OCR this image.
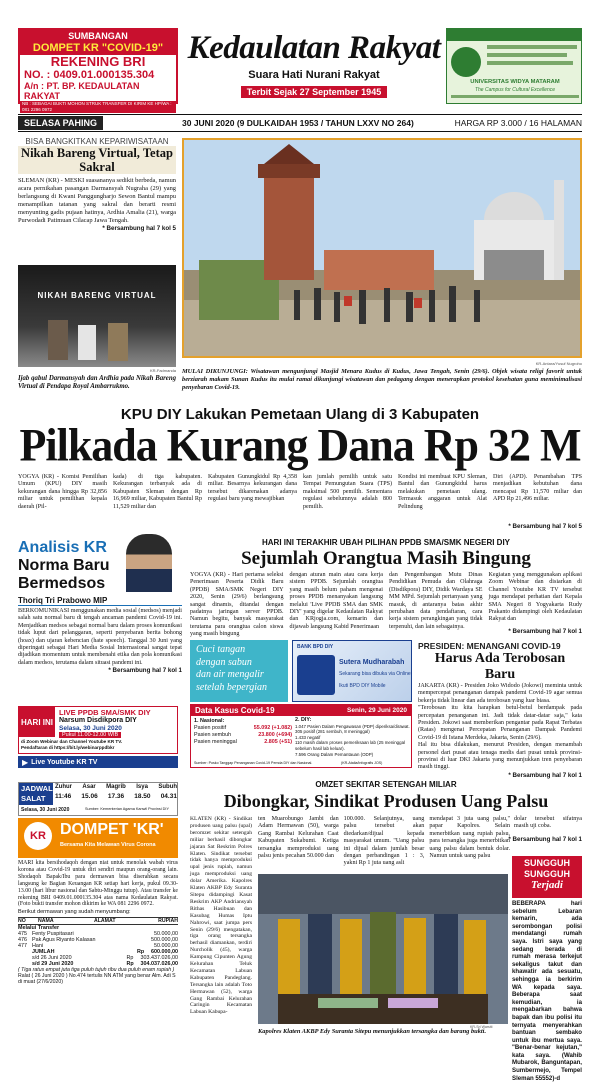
SUMBANGAN
DOMPET KR "COVID-19"
REKENING BRI
NO. : 0409.01.000135.304
A/n : PT. BP. KEDAULATAN RAKYAT
NB : SEBAGAI BUKTI MOHON STRUK TRANSFER DI KIRIM KE HP/WA : 081 2296 0972
Kedaulatan Rakyat
Suara Hati Nurani Rakyat
Terbit Sejak 27 September 1945
UNIVERSITAS WIDYA MATARAM
The Campus for Cultural Excellence
SELASA PAHING	30 JUNI 2020 (9 DULKAIDAH 1953 / TAHUN LXXV NO 264)	HARGA RP 3.000 / 16 HALAMAN
BISA BANGKITKAN KEPARIWISATAAN
Nikah Bareng Virtual, Tetap Sakral

SLEMAN (KR) - MESKI suasananya sedikit berbeda, namun acara pernikahan pasangan Darmansyah Nugraha (29) yang berlangsung di Kwani Panggungharjo Sewon Bantul mampu menampilkan tatanan yang sakral dan berarti resmi menyunting gadis pujaan hatinya, Ardhia Amalia (21), warga Purwodadi Patimuan Cilacap Jawa Tengah.

* Bersambung hal 7 kol 5
NIKAH BARENG VIRTUAL
KR-Fadmanda
Ijab qabul Darmansyah dan Ardhia pada Nikah Bareng Virtual di Pendapa Royal Ambarrukmo.
KR-Antara/Yusuf Nugroho
MULAI DIKUNJUNGI: Wisatawan mengunjungi Masjid Menara Kudus di Kudus, Jawa Tengah, Senin (29/6). Objek wisata religi favorit untuk berziarah makam Sunan Kudus itu mulai ramai dikunjungi wisatawan dan pedagang dengan menerapkan protokol kesehatan guna meminimalisasi penyebaran Covid-19.
KPU DIY Lakukan Pemetaan Ulang di 3 Kabupaten
Pilkada Kurang Dana Rp 32 M

YOGYA (KR) - Komisi Pemilihan Umum (KPU) DIY masih kekurangan dana hingga Rp 32,856 miliar untuk pemilihan kepala daerah (Pil-

kada) di tiga kabupaten. Kekurangan terbanyak ada di Kabupaten Sleman dengan Rp 16,969 miliar, Kabupaten Bantul Rp 11,529 miliar dan

Kabupaten Gunungkidul Rp 4,358 miliar. Besarnya kekurangan dana tersebut dikarenakan adanya regulasi baru yang mewajibkan

kan jumlah pemilih untuk satu Tempat Pemungutan Suara (TPS) maksimal 500 pemilih. Sementara regulasi sebelumnya adalah 800 pemilih.

Kondisi ini membuat KPU Sleman, Bantul dan Gunungkidul harus melakukan pemetaan ulang. Termasuk anggaran untuk Alat Pelindung

Diri (APD). Penambahan TPS menjadikan kebutuhan dana mencapai Rp 11,570 miliar dan APD Rp 21,496 miliar.

* Bersambung hal 7 kol 5
Analisis KR
Norma Baru
Bermedsos
Thoriq Tri Prabowo MIP

BERKOMUNIKASI menggunakan media sosial (medsos) menjadi salah satu normal baru di tengah ancaman pandemi Covid-19 ini. Menjadikan medsos sebagai normal baru dalam proses komunikasi tidak luput dari pelanggaran, seperti penyebaran berita bohong (hoax) dan ujaran kebencian (hate speech). Tanggal 30 Juni yang diperingati sebagai Hari Media Sosial Internasional sangat tepat dijadikan momentum untuk membenahi etika dan pola komunikasi dalam medsos, terutama dalam situasi pandemi ini.

* Bersambung hal 7 kol 1
HARI INI
LIVE PPDB SMA/SMK DIY
Narsum Disdikpora DIY
Selasa, 30 Juni 2020
Pukul 11.00-12.00 WIB
di Zoom Webinar dan Channel Youtube KR TV.
Pendaftaran di https://bit.ly/webinarppdbkr
▶ Live Youtube KR TV
JADWAL
SALAT
Zuhur Asar Magrib Isya Subuh
11:46 15.06 17.36 18.50 04.31
Selasa, 30 Juni 2020	Sumber: Kementerian Agama Kanwil Provinsi DIY
KR DOMPET 'KR'
Bersama Kita Melawan Virus Corona

MARI kita bersihodaqoh dengan niat untuk menolak wabah virus korona atau Covid-19 untuk diri sendiri maupun orang-orang lain. Shodaqoh Bapak/Ibu para dermawan bisa diserahkan secara langsung ke Bagian Keuangan KR setiap hari kerja, pukul 09.30-13.00 (hari libur nasional dan Sabtu-Minggu tutup). Atau transfer ke rekening BRI 0409.01.000135.304 atas nama Kedaulatan Rakyat. (Foto bukti transfer mohon dikirim ke WA 081 2296 0972.

Berikut dermawan yang sudah menyumbang:
NO	NAMA	ALAMAT	RUPIAH
Melalui Transfer
475 Fenty Puspitasari	50.000,00
476 Pak Agus Riyanto Kalasan	500.000,00
477 Hani	50.000,00
JUMLAH	Rp	600.000,00
s/d 26 Juni 2020	Rp	303.437.026,00
s/d 29 Juni 2020	Rp	304.037.026,00
( Tiga ratus empat juta tiga puluh tujuh ribu dua puluh enam rupiah )
Ralat ( 26 Juni 2020 ) No.474 tertulis NN ATM yang benar Alm. Adi S di muat (27/6/2020)
HARI INI TERAKHIR UBAH PILIHAN PPDB SMA/SMK NEGERI DIY
Sejumlah Orangtua Masih Bingung

YOGYA (KR) - Hari pertama seleksi Penerimaan Peserta Didik Baru (PPDB) SMA/SMK Negeri DIY 2020, Senin (29/6) berlangsung sangat dinamis, ditandai dengan padatnya jaringan server PPDB. Namun begitu, banyak masyarakat terutama para orangtua calon siswa yang masih bingung

dengan aturan main atau cara kerja sistem PPDB. Sejumlah orangtua yang masih belum paham mengenai proses PPDB menanyakan langsung melalui 'Live PPDB SMA dan SMK DIY' yang digelar Kedaulatan Rakyat dan KRjogja.com, kemarin dan dijawab langsung Kabid Penerimaan

dan Pengembangan Mutu Dinas Pendidikan Pemuda dan Olahraga (Disdikpora) DIY, Didik Wardaya SE MM MPd. Sejumlah pertanyaan yang masuk, di antaranya batas akhir perubahan data pendaftaran, cara kerja sistem perangkingan yang tidak terpenuhi, dan lain sebagainya.

Kegiatan yang menggunakan aplikasi Zoom Webinar dan disiarkan di Channel Youtube KR TV tersebut juga mendapat perhatian dari Kepala SMA Negeri 8 Yogyakarta Rudy Prakanto didampingi oleh Kedaulatan Rakyat dan

* Bersambung hal 7 kol 1
Cuci tangan
dengan sabun
dan air mengalir
setelah bepergian
BANK BPD DIY
Sutera Mudharabah
Sekarang bisa dibuka via Online
Ikuti BPD DIY Mobile
Data Kasus Covid-19	Senin, 29 Juni 2020
1. Nasional:
Pasien positif	55.092 (+1.082)
Pasien sembuh	23.800 (+694)
Pasien meninggal	2.805 (+51)
2. DIY:
1.047 Pasien Dalam Pengawasan (PDP) diperiksa/dirawat.
305 positif (281 sembuh, 8 meninggal)
1.433 negatif
110 masih dalam proses pemeriksaan lab (25 meninggal sebelum hasil lab keluar).
7.596 Orang Dalam Pemantauan (ODP)
Sumber: Posko Tanggap Penanganan Covid-19 Pemda DIY dan Nasional.	(KR-Atalia/Infografis JOS)
PRESIDEN: MENANGANI COVID-19
Harus Ada Terobosan Baru

JAKARTA (KR) - Presiden Joko Widodo (Jokowi) meminta untuk mempercepat penanganan dampak pandemi Covid-19 agar semua bekerja tidak linear dan ada terobosan yang luar biasa.

"Terobosan itu kita harapkan betul-betul berdampak pada percepatan penanganan ini. Jadi tidak datar-datar saja," kata Presiden. Jokowi saat memberikan pengantar pada Rapat Terbatas (Ratas) mengenai Percepatan Penanganan Dampak Pandemi Covid-19 di Istana Merdeka, Jakarta, Senin (29/6).

Hal itu bisa dilakukan, menurut Presiden, dengan menambah personel dari pusat atau tenaga medis dari pusat untuk provinsi-provinsi di luar DKI Jakarta yang menunjukkan tren penyebaran masih tinggi.

* Bersambung hal 7 kol 1
OMZET SEKITAR SETENGAH MILIAR
Dibongkar, Sindikat Produsen Uang Palsu

KLATEN (KR) - Sindikat produsen uang palsu (upal) beromzet sekitar setengah miliar berhasil dibongkar jajaran Sat Reskrim Polres Klaten. Sindikat tersebut tidak hanya memproduksi upal jenis rupiah, namun juga memproduksi uang dolar Amerika. Kapolres Klaten AKBP Edy Suranta Sitepu didampingi Kasat Reskrim AKP Andriansyah Rithas Hasibuan dan Kasubag Humas Iptu Nahrowi, saat jumpa pers Senin (29/6) mengatakan, tiga orang tersangka berhasil diamankan, terdiri Nurcholik (45), warga Kampung Cipunten Agung Kelurahan Teluk Kecamatan Labuan Kabupaten Pandeglang. Tersangka lain adalah Toto Hermawan (52), warga Gang Rambai Kelurahan Caringin Kecamatan Labuan Kabupa-

ten Muarobungo Jambi dan Adam Hermawan (50), warga Gang Rambai Kelurahan Caat Kabupaten Sukabumi. Ketiga tersangka memproduksi uang palsu jenis pecahan 50.000 dan

100.000. Selanjutnya, uang palsu tersebut akan diedarkan/dijual kepada masyarakat umum. "Uang palsu ini dijual dalam jumlah besar dengan perbandingan 1 : 3, yakni Rp 1 juta uang asli

mendapat 3 juta uang palsu," papar Kapolres. Selain menerbitkan uang rupiah palsu, para tersangka juga menerbitkan uang palsu dalam bentuk dolar. Namun untuk uang palsu

dolar tersebut sifatnya masih uji coba.

* Bersambung hal 7 kol 1
KR-Sri Warsiti
Kapolres Klaten AKBP Edy Suranta Sitepu menunjukkan tersangka dan barang bukti.
SUNGGUH
SUNGGUH
Terjadi

BEBERAPA hari sebelum Lebaran kemarin, ada serombongan polisi mendatangi rumah saya. Istri saya yang sedang berada di rumah merasa terkejut sekaligus takut dan khawatir ada sesuatu, sehingga ia berkirim WA kepada saya. Beberapa saat kemudian, ia mengabarkan bahwa bapak dan ibu polisi itu ternyata menyerahkan bantuan sembako untuk ibu mertua saya. "Benar-benar kejutan," kata saya. (Wahib Mubarok, Banguntapan, Sumbermejo, Tempel Sleman 55552)-d
